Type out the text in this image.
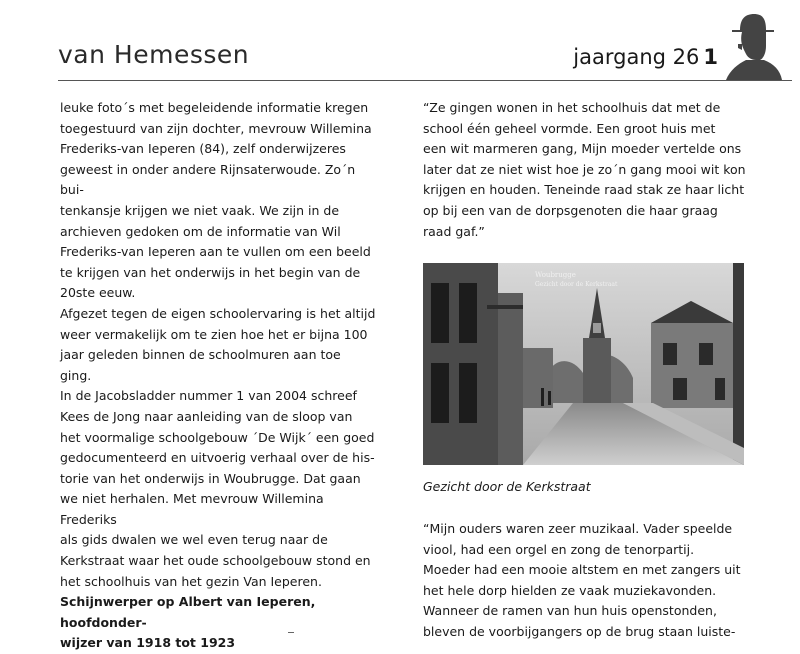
van Hemessen	jaargang 26 1

leuke foto´s met begeleidende informatie kregen
toegestuurd van zijn dochter, mevrouw Willemina
Frederiks-van Ieperen (84), zelf onderwijzeres
geweest in onder andere Rijnsaterwoude. Zo´n bui-
tenkansje krijgen we niet vaak. We zijn in de
archieven gedoken om de informatie van Wil
Frederiks-van Ieperen aan te vullen om een beeld
te krijgen van het onderwijs in het begin van de
20ste eeuw.

Afgezet tegen de eigen schoolervaring is het altijd
weer vermakelijk om te zien hoe het er bijna 100
jaar geleden binnen de schoolmuren aan toe
ging.

In de Jacobsladder nummer 1 van 2004 schreef
Kees de Jong naar aanleiding van de sloop van
het voormalige schoolgebouw ´De Wijk´ een goed
gedocumenteerd en uitvoerig verhaal over de his-
torie van het onderwijs in Woubrugge. Dat gaan
we niet herhalen. Met mevrouw Willemina Frederiks
als gids dwalen we wel even terug naar de
Kerkstraat waar het oude schoolgebouw stond en
het schoolhuis van het gezin Van Ieperen.

Schijnwerper op Albert van Ieperen, hoofdonder-
wijzer van 1918 tot 1923

“Ze gingen wonen in het schoolhuis dat met de
school één geheel vormde. Een groot huis met
een wit marmeren gang, Mijn moeder vertelde ons
later dat ze niet wist hoe je zo´n gang mooi wit kon
krijgen en houden. Teneinde raad stak ze haar licht
op bij een van de dorpsgenoten die haar graag
raad gaf.”

Woubrugge
Gezicht door de Kerkstraat
Gezicht door de Kerkstraat

“Mijn ouders waren zeer muzikaal. Vader speelde
viool, had een orgel en zong de tenorpartij.
Moeder had een mooie altstem en met zangers uit
het hele dorp hielden ze vaak muziekavonden.
Wanneer de ramen van hun huis openstonden,
bleven de voorbijgangers op de brug staan luiste-
